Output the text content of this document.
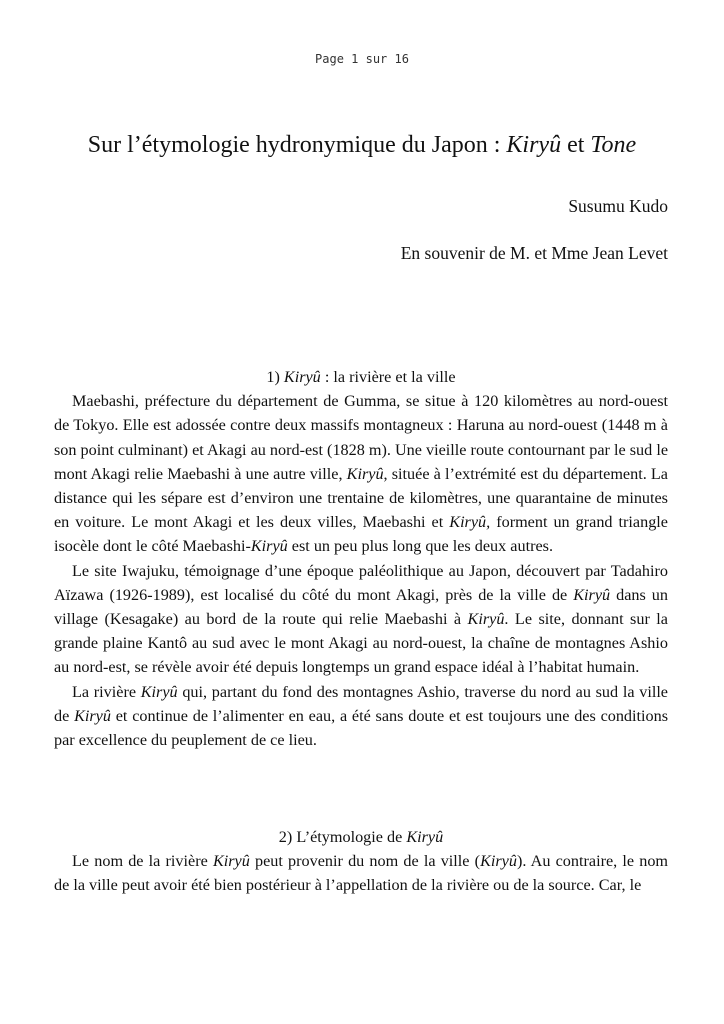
Page 1 sur 16
Sur l’étymologie hydronymique du Japon : Kiryû et Tone
Susumu Kudo
En souvenir de M. et Mme Jean Levet

1) Kiryû : la rivière et la ville

Maebashi, préfecture du département de Gumma, se situe à 120 kilomètres au nord-ouest de Tokyo. Elle est adossée contre deux massifs montagneux : Haruna au nord-ouest (1448 m à son point culminant) et Akagi au nord-est (1828 m). Une vieille route contournant par le sud le mont Akagi relie Maebashi à une autre ville, Kiryû, située à l’extrémité est du département. La distance qui les sépare est d’environ une trentaine de kilomètres, une quarantaine de minutes en voiture. Le mont Akagi et les deux villes, Maebashi et Kiryû, forment un grand triangle isocèle dont le côté Maebashi-Kiryû est un peu plus long que les deux autres.

Le site Iwajuku, témoignage d’une époque paléolithique au Japon, découvert par Tadahiro Aïzawa (1926-1989), est localisé du côté du mont Akagi, près de la ville de Kiryû dans un village (Kesagake) au bord de la route qui relie Maebashi à Kiryû. Le site, donnant sur la grande plaine Kantô au sud avec le mont Akagi au nord-ouest, la chaîne de montagnes Ashio au nord-est, se révèle avoir été depuis longtemps un grand espace idéal à l’habitat humain.

La rivière Kiryû qui, partant du fond des montagnes Ashio, traverse du nord au sud la ville de Kiryû et continue de l’alimenter en eau, a été sans doute et est toujours une des conditions par excellence du peuplement de ce lieu.

2) L’étymologie de Kiryû

Le nom de la rivière Kiryû peut provenir du nom de la ville (Kiryû). Au contraire, le nom de la ville peut avoir été bien postérieur à l’appellation de la rivière ou de la source. Car, le
